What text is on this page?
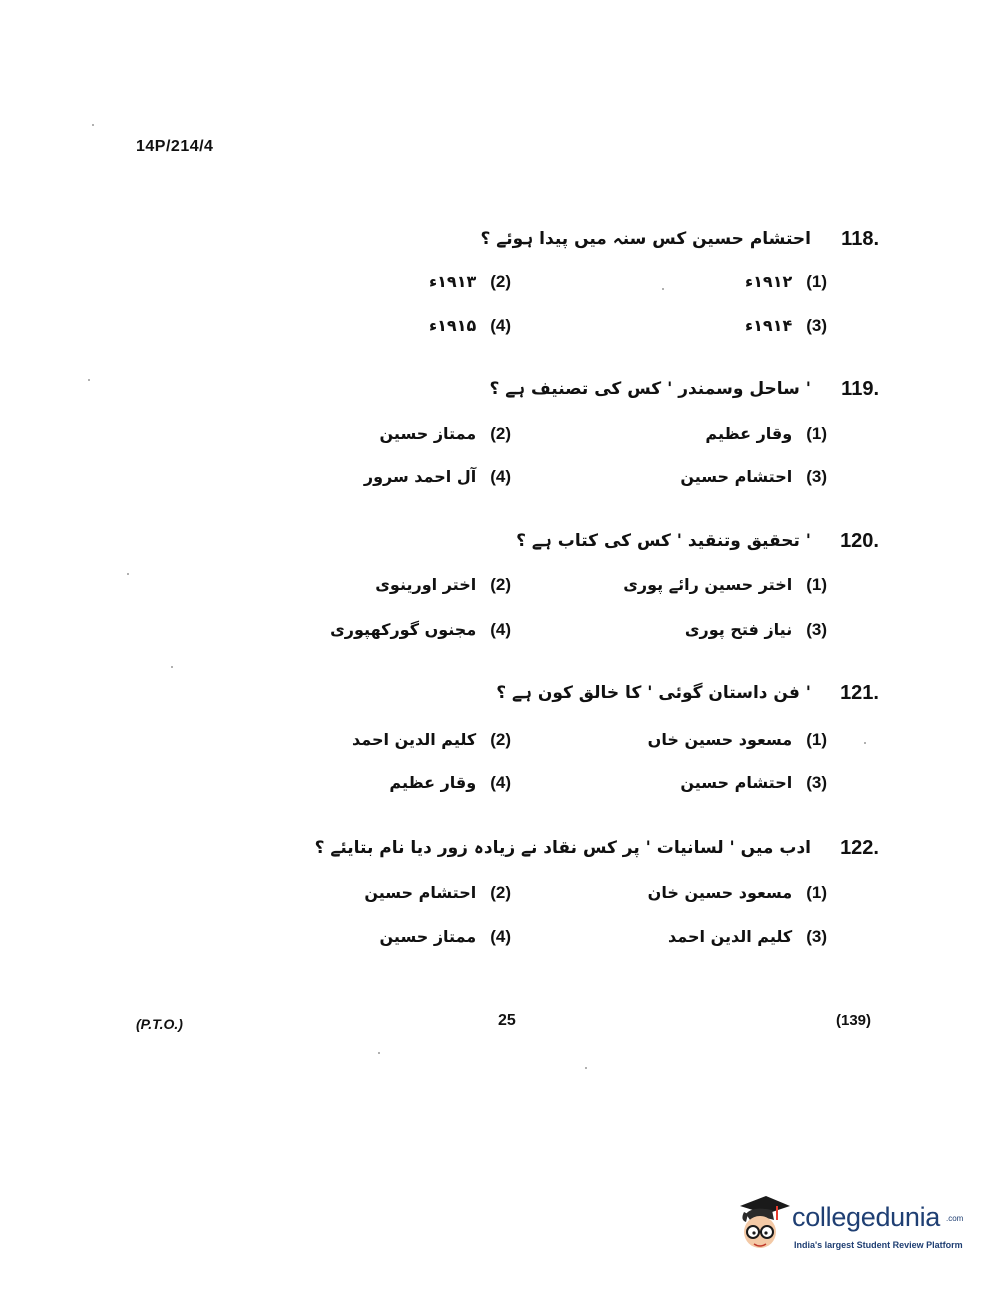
14P/214/4
118.
احتشام حسین کس سنہ میں پیدا ہوئے ؟
(1)۱۹۱۲ء
(2)۱۹۱۳ء
(3)۱۹۱۴ء
(4)۱۹۱۵ء
119.
' ساحل وسمندر ' کس کی تصنیف ہے ؟
(1)وقار عظیم
(2)ممتاز حسین
(3)احتشام حسین
(4)آل احمد سرور
120.
' تحقیق وتنقید ' کس کی کتاب ہے ؟
(1)اختر حسین رائے پوری
(2)اختر اورینوی
(3)نیاز فتح پوری
(4)مجنوں گورکھپوری
121.
' فن داستان گوئی ' کا خالق کون ہے ؟
(1)مسعود حسین خاں
(2)کلیم الدین احمد
(3)احتشام حسین
(4)وقار عظیم
122.
ادب میں ' لسانیات ' پر کس نقاد نے زیادہ زور دیا نام بتایئے ؟
(1)مسعود حسین خان
(2)احتشام حسین
(3)کلیم الدین احمد
(4)ممتاز حسین
(P.T.O.)	25	(139)
collegedunia .com
India's largest Student Review Platform
